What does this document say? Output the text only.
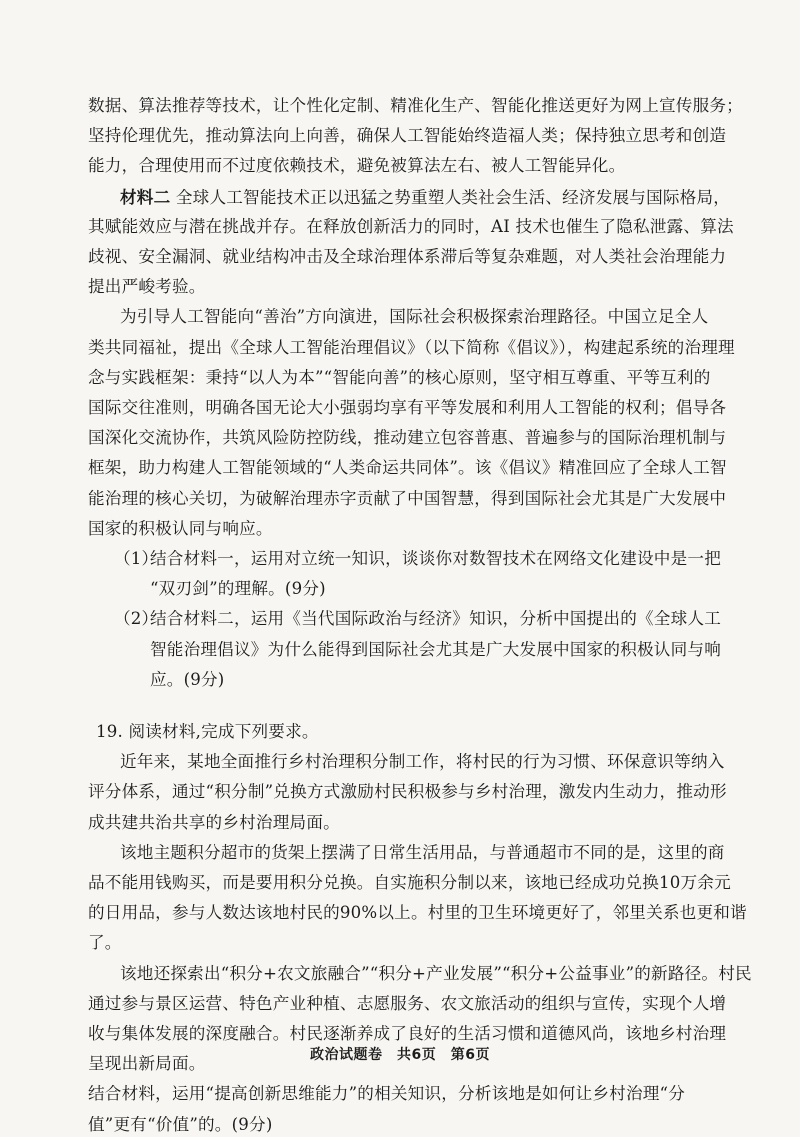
数据、算法推荐等技术，让个性化定制、精准化生产、智能化推送更好为网上宣传服务；

坚持伦理优先，推动算法向上向善，确保人工智能始终造福人类；保持独立思考和创造

能力，合理使用而不过度依赖技术，避免被算法左右、被人工智能异化。

材料二 全球人工智能技术正以迅猛之势重塑人类社会生活、经济发展与国际格局，

其赋能效应与潜在挑战并存。在释放创新活力的同时，AI 技术也催生了隐私泄露、算法

歧视、安全漏洞、就业结构冲击及全球治理体系滞后等复杂难题，对人类社会治理能力

提出严峻考验。

为引导人工智能向“善治”方向演进，国际社会积极探索治理路径。中国立足全人

类共同福祉，提出《全球人工智能治理倡议》（以下简称《倡议》），构建起系统的治理理

念与实践框架：秉持“以人为本”“智能向善”的核心原则，坚守相互尊重、平等互利的

国际交往准则，明确各国无论大小强弱均享有平等发展和利用人工智能的权利；倡导各

国深化交流协作，共筑风险防控防线，推动建立包容普惠、普遍参与的国际治理机制与

框架，助力构建人工智能领域的“人类命运共同体”。该《倡议》精准回应了全球人工智

能治理的核心关切，为破解治理赤字贡献了中国智慧，得到国际社会尤其是广大发展中

国家的积极认同与响应。

（1）

结合材料一，运用对立统一知识，谈谈你对数智技术在网络文化建设中是一把

“双刃剑”的理解。(9分)

（2）

结合材料二，运用《当代国际政治与经济》知识，分析中国提出的《全球人工

智能治理倡议》为什么能得到国际社会尤其是广大发展中国家的积极认同与响

应。(9分)

19. 阅读材料,完成下列要求。

近年来，某地全面推行乡村治理积分制工作，将村民的行为习惯、环保意识等纳入

评分体系，通过“积分制”兑换方式激励村民积极参与乡村治理，激发内生动力，推动形

成共建共治共享的乡村治理局面。

该地主题积分超市的货架上摆满了日常生活用品，与普通超市不同的是，这里的商

品不能用钱购买，而是要用积分兑换。自实施积分制以来，该地已经成功兑换10万余元

的日用品，参与人数达该地村民的90%以上。村里的卫生环境更好了，邻里关系也更和谐

了。

该地还探索出“积分+农文旅融合”“积分+产业发展”“积分+公益事业”的新路径。村民

通过参与景区运营、特色产业种植、志愿服务、农文旅活动的组织与宣传，实现个人增

收与集体发展的深度融合。村民逐渐养成了良好的生活习惯和道德风尚，该地乡村治理

呈现出新局面。

结合材料，运用“提高创新思维能力”的相关知识，分析该地是如何让乡村治理“分

值”更有“价值”的。(9分)

政治试题卷　共6页　第6页
